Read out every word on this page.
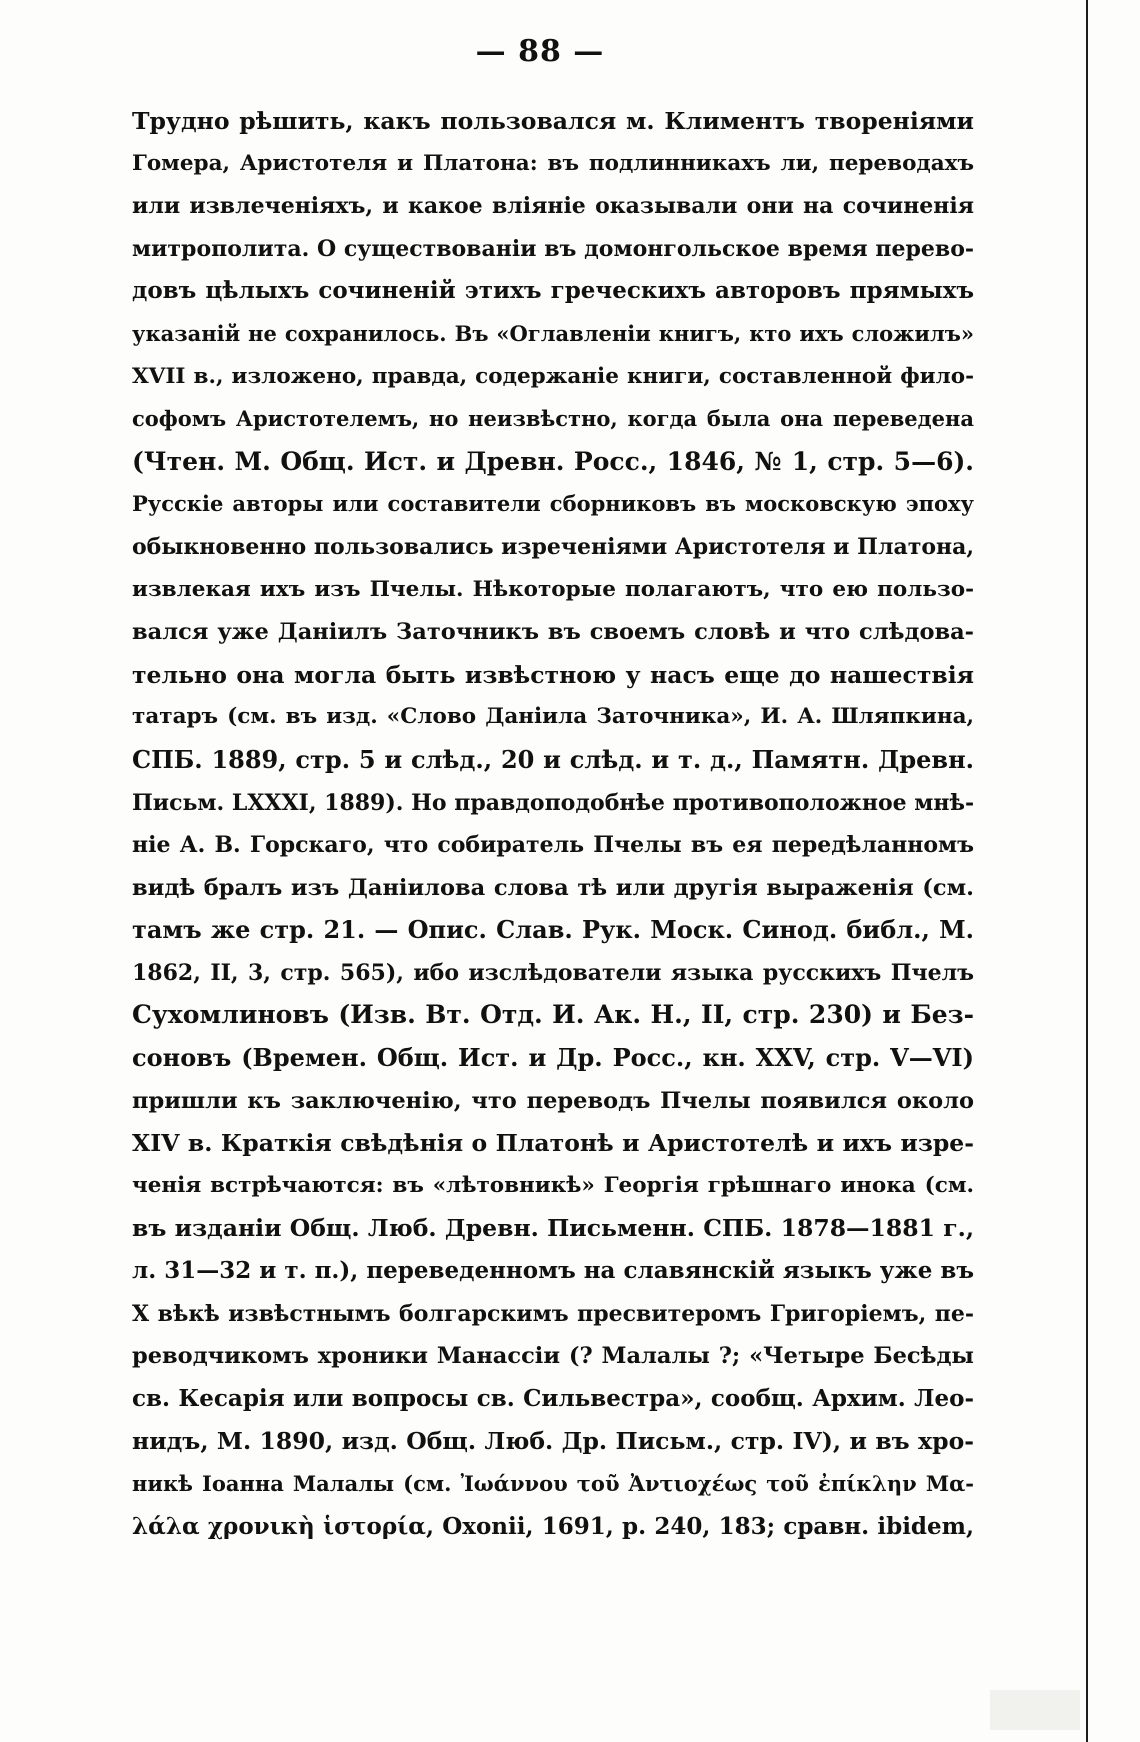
— 88 —
Трудно рѣшить, какъ пользовался м. Климентъ твореніями
Гомера, Аристотеля и Платона: въ подлинникахъ ли, переводахъ
или извлеченіяхъ, и какое вліяніе оказывали они на сочиненія
митрополита. О существованіи въ домонгольское время перево-
довъ цѣлыхъ сочиненій этихъ греческихъ авторовъ прямыхъ
указаній не сохранилось. Въ «Оглавленіи книгъ, кто ихъ сложилъ»
XVII в., изложено, правда, содержаніе книги, составленной фило-
софомъ Аристотелемъ, но неизвѣстно, когда была она переведена
(Чтен. М. Общ. Ист. и Древн. Росс., 1846, № 1, стр. 5—6).
Русскіе авторы или составители сборниковъ въ московскую эпоху
обыкновенно пользовались изреченіями Аристотеля и Платона,
извлекая ихъ изъ Пчелы. Нѣкоторые полагаютъ, что ею пользо-
вался уже Даніилъ Заточникъ въ своемъ словѣ и что слѣдова-
тельно она могла быть извѣстною у насъ еще до нашествія
татаръ (см. въ изд. «Слово Даніила Заточника», И. А. Шляпкина,
СПБ. 1889, стр. 5 и слѣд., 20 и слѣд. и т. д., Памятн. Древн.
Письм. LXXXI, 1889). Но правдоподобнѣе противоположное мнѣ-
ніе А. В. Горскаго, что собиратель Пчелы въ ея передѣланномъ
видѣ бралъ изъ Даніилова слова тѣ или другія выраженія (см.
тамъ же стр. 21. — Опис. Слав. Рук. Моск. Синод. библ., М.
1862, II, 3, стр. 565), ибо изслѣдователи языка русскихъ Пчелъ
Сухомлиновъ (Изв. Вт. Отд. И. Ак. Н., II, стр. 230) и Без-
соновъ (Времен. Общ. Ист. и Др. Росс., кн. XXV, стр. V—VI)
пришли къ заключенію, что переводъ Пчелы появился около
XIV в. Краткія свѣдѣнія о Платонѣ и Аристотелѣ и ихъ изре-
ченія встрѣчаются: въ «лѣтовникѣ» Георгія грѣшнаго инока (см.
въ изданіи Общ. Люб. Древн. Письменн. СПБ. 1878—1881 г.,
л. 31—32 и т. п.), переведенномъ на славянскій языкъ уже въ
X вѣкѣ извѣстнымъ болгарскимъ пресвитеромъ Григоріемъ, пе-
реводчикомъ хроники Манассіи (? Малалы ?; «Четыре Бесѣды
св. Кесарія или вопросы св. Сильвестра», сообщ. Архим. Лео-
нидъ, М. 1890, изд. Общ. Люб. Др. Письм., стр. IV), и въ хро-
никѣ Іоанна Малалы (см. Ἰωάννου τοῦ Ἀντιοχέως τοῦ ἐπίκλην Μα-
λάλα χρονικὴ ἱστορία, Oxonii, 1691, p. 240, 183; сравн. ibidem,
